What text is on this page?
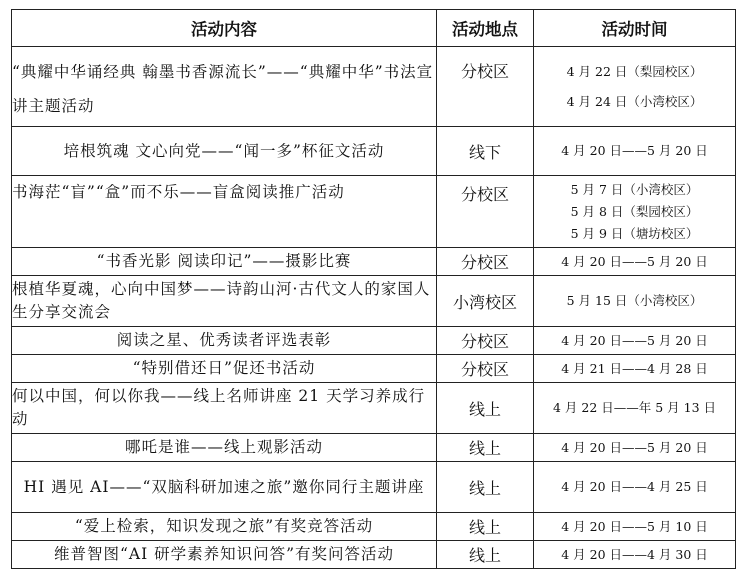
活动内容	活动地点	活动时间
“典耀中华诵经典 翰墨书香源流长”——“典耀中华”书法宣讲主题活动	分校区	4 月 22 日（梨园校区）
4 月 24 日（小湾校区）

培根筑魂 文心向党——“闻一多”杯征文活动	线下	4 月 20 日——5 月 20 日

书海茫“盲”“盒”而不乐——盲盒阅读推广活动	分校区	5 月 7 日（小湾校区）
5 月 8 日（梨园校区）
5 月 9 日（塘坊校区）

“书香光影 阅读印记”——摄影比赛	分校区	4 月 20 日——5 月 20 日

根植华夏魂，心向中国梦——诗韵山河·古代文人的家国人生分享交流会	小湾校区	5 月 15 日（小湾校区）

阅读之星、优秀读者评选表彰	分校区	4 月 20 日——5 月 20 日

“特别借还日”促还书活动	分校区	4 月 21 日——4 月 28 日

何以中国，何以你我——线上名师讲座 21 天学习养成行动	线上	4 月 22 日——年 5 月 13 日

哪吒是谁——线上观影活动	线上	4 月 20 日——5 月 20 日

HI 遇见 AI——“双脑科研加速之旅”邀你同行主题讲座	线上	4 月 20 日——4 月 25 日

“爱上检索，知识发现之旅”有奖竞答活动	线上	4 月 20 日——5 月 10 日

维普智图“AI 研学素养知识问答”有奖问答活动	线上	4 月 20 日——4 月 30 日
